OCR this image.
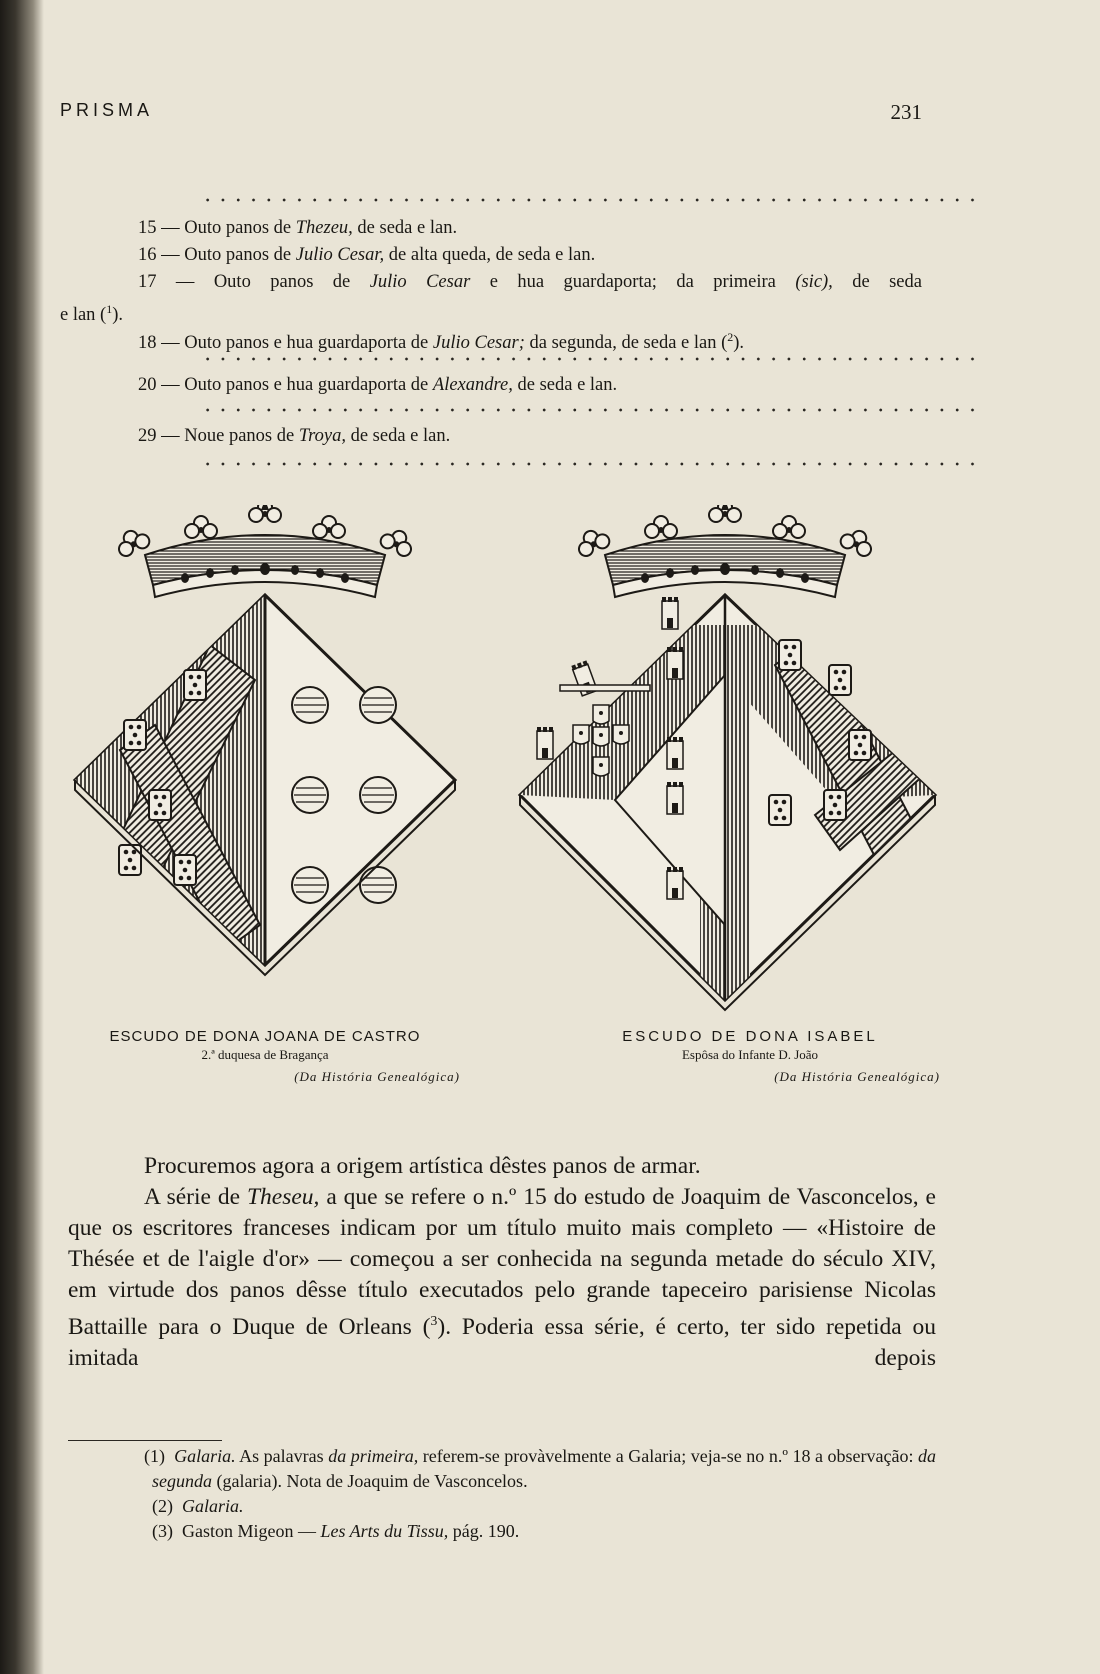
PRISMA	231
15 — Outo panos de Thezeu, de seda e lan.
16 — Outo panos de Julio Cesar, de alta queda, de seda e lan.
17 — Outo panos de Julio Cesar e hua guardaporta; da primeira (sic), de seda
e lan ($^1$).
18 — Outo panos e hua guardaporta de Julio Cesar; da segunda, de seda e lan ($^2$).
20 — Outo panos e hua guardaporta de Alexandre, de seda e lan.
29 — Noue panos de Troya, de seda e lan.
ESCUDO DE DONA JOANA DE CASTRO
2.ª duquesa de Bragança
(Da História Genealógica)
ESCUDO DE DONA ISABEL
Espôsa do Infante D. João
(Da História Genealógica)

Procuremos agora a origem artística dêstes panos de armar.

A série de Theseu, a que se refere o n.º 15 do estudo de Joaquim de Vasconcelos, e que os escritores franceses indicam por um título muito mais completo — «Histoire de Thésée et de l'aigle d'or» — começou a ser conhecida na segunda metade do século XIV, em virtude dos panos dêsse título executados pelo grande tapeceiro parisiense Nicolas Battaille para o Duque de Orleans ($^3$). Poderia essa série, é certo, ter sido repetida ou imitada depois

(1) Galaria. As palavras da primeira, referem-se provàvelmente a Galaria; veja-se no n.º 18 a observação: da segunda (galaria). Nota de Joaquim de Vasconcelos.
(2) Galaria.
(3) Gaston Migeon — Les Arts du Tissu, pág. 190.
